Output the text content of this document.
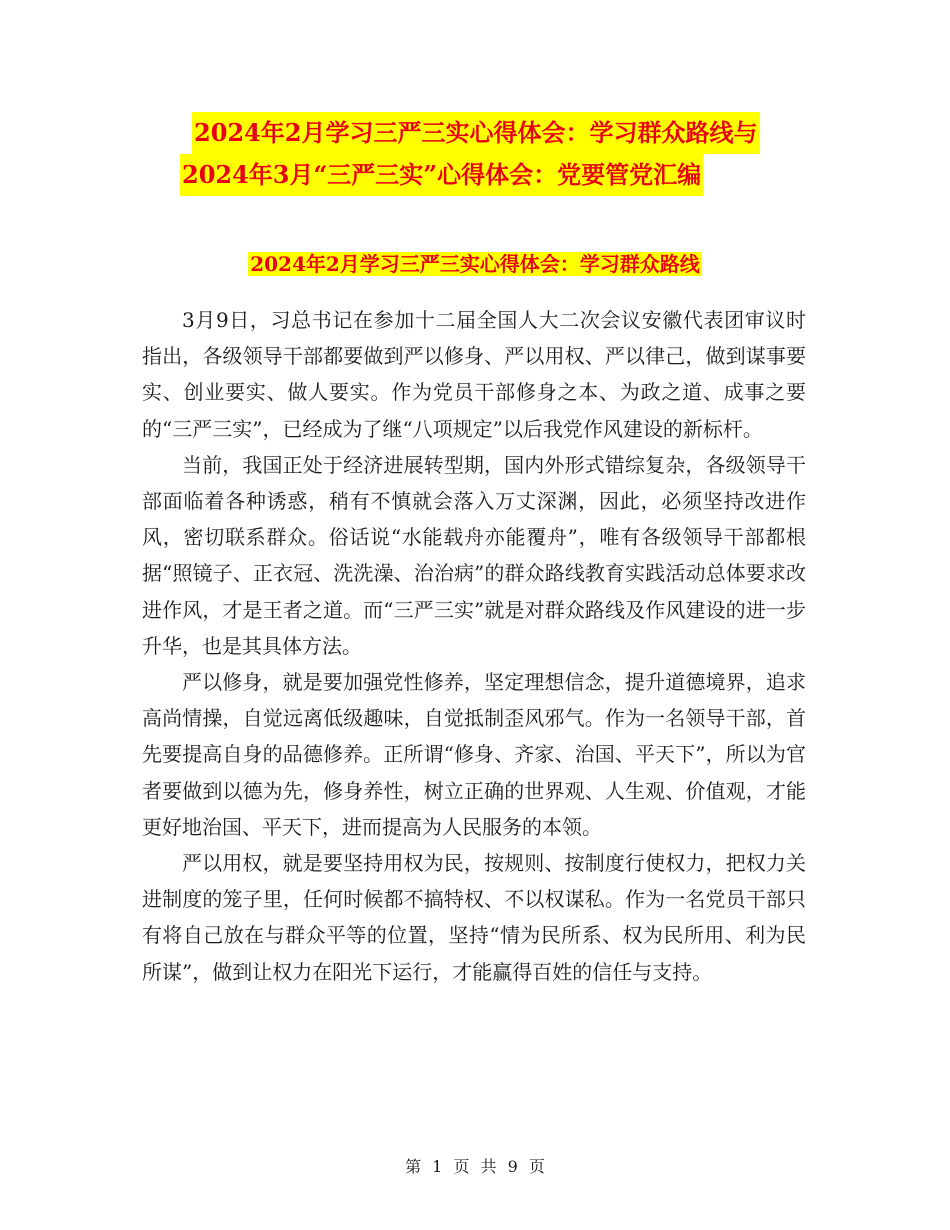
2024年2月学习三严三实心得体会：学习群众路线与
2024年3月“三严三实”心得体会：党要管党汇编
2024年2月学习三严三实心得体会：学习群众路线

3月9日，习总书记在参加十二届全国人大二次会议安徽代表团审议时指出，各级领导干部都要做到严以修身、严以用权、严以律己，做到谋事要实、创业要实、做人要实。作为党员干部修身之本、为政之道、成事之要的“三严三实”，已经成为了继“八项规定”以后我党作风建设的新标杆。

当前，我国正处于经济进展转型期，国内外形式错综复杂，各级领导干部面临着各种诱惑，稍有不慎就会落入万丈深渊，因此，必须坚持改进作风，密切联系群众。俗话说“水能载舟亦能覆舟”，唯有各级领导干部都根据“照镜子、正衣冠、洗洗澡、治治病”的群众路线教育实践活动总体要求改进作风，才是王者之道。而“三严三实”就是对群众路线及作风建设的进一步升华，也是其具体方法。

严以修身，就是要加强党性修养，坚定理想信念，提升道德境界，追求高尚情操，自觉远离低级趣味，自觉抵制歪风邪气。作为一名领导干部，首先要提高自身的品德修养。正所谓“修身、齐家、治国、平天下”，所以为官者要做到以德为先，修身养性，树立正确的世界观、人生观、价值观，才能更好地治国、平天下，进而提高为人民服务的本领。

严以用权，就是要坚持用权为民，按规则、按制度行使权力，把权力关进制度的笼子里，任何时候都不搞特权、不以权谋私。作为一名党员干部只有将自己放在与群众平等的位置，坚持“情为民所系、权为民所用、利为民所谋”，做到让权力在阳光下运行，才能赢得百姓的信任与支持。

第 1 页 共 9 页
